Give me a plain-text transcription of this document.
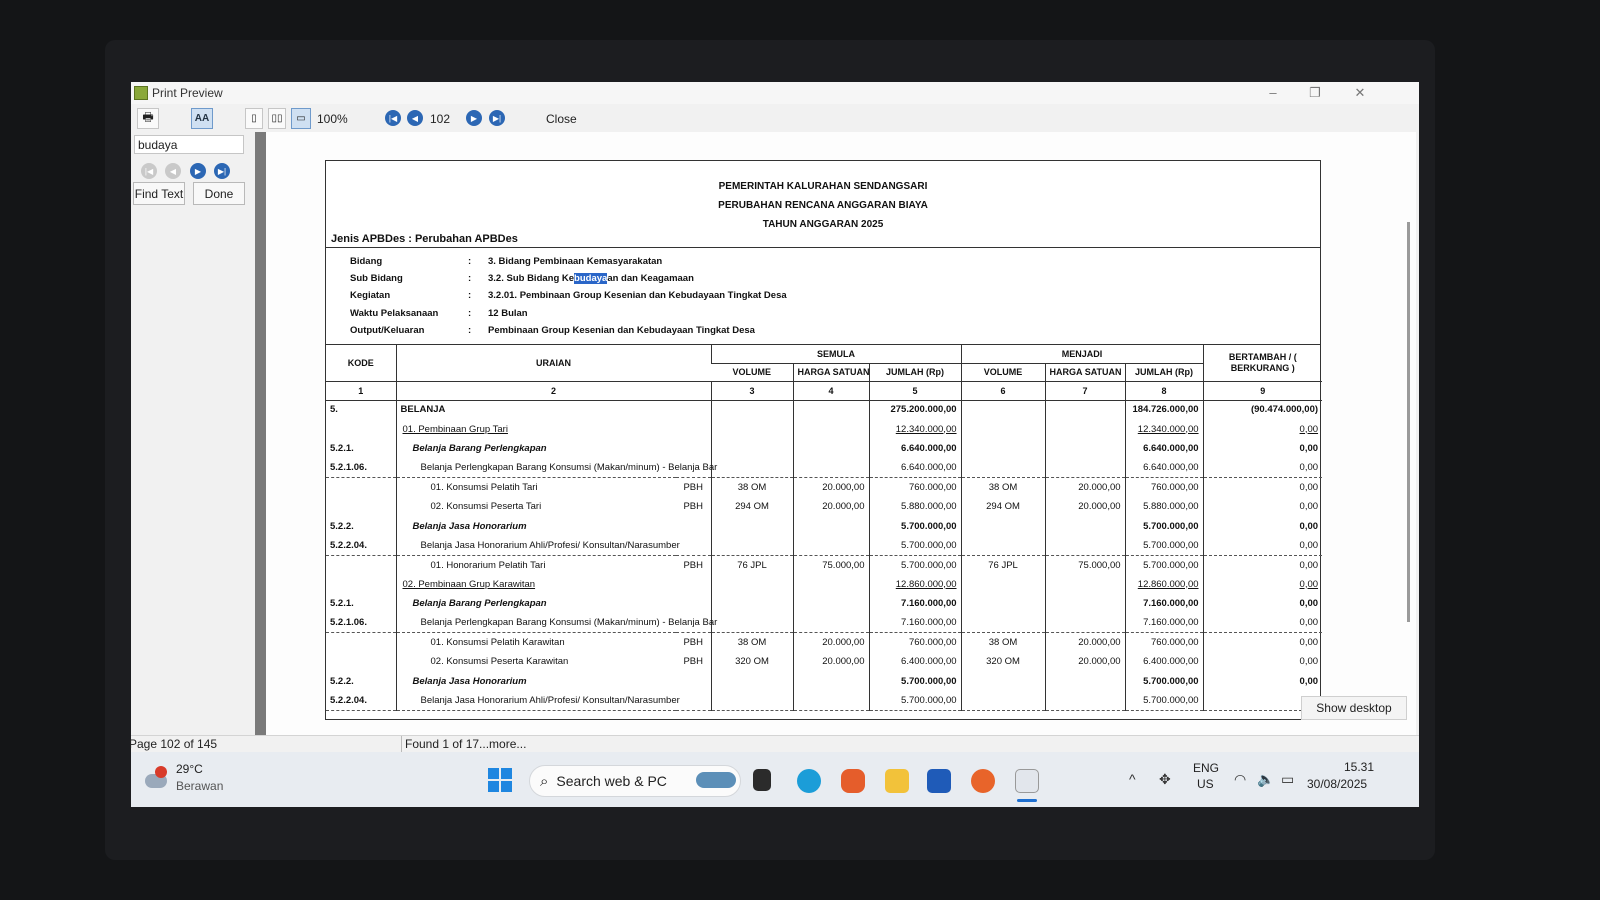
Print Preview	–	❐	✕
🖶	AA	▯ ▯▯ ▭ 100%	|◀ ◀ 102	▶ ▶|	Close
budaya
|◀ ◀ ▶ ▶|
Find Text	Done	PEMERINTAH KALURAHAN SENDANGSARI
PERUBAHAN RENCANA ANGGARAN BIAYA
TAHUN ANGGARAN 2025
Jenis APBDes : Perubahan APBDes
Bidang	: 3. Bidang Pembinaan Kemasyarakatan
Sub Bidang	: 3.2. Sub Bidang Kebudayaan dan Keagamaan
Kegiatan	: 3.2.01. Pembinaan Group Kesenian dan Kebudayaan Tingkat Desa
Waktu Pelaksanaan	: 12 Bulan
Output/Keluaran	: Pembinaan Group Kesenian dan Kebudayaan Tingkat Desa
KODE	URAIAN		SEMULA			MENJADI			BERTAMBAH / ( BERKURANG )
			VOLUME	HARGA SATUAN	JUMLAH (Rp)	VOLUME	HARGA SATUAN	JUMLAH (Rp)	
1	2		3	4	5	6	7	8	9
5.	BELANJA				275.200.000,00			184.726.000,00	(90.474.000,00)
	01. Pembinaan Grup Tari				12.340.000,00			12.340.000,00	0,00
5.2.1.	Belanja Barang Perlengkapan				6.640.000,00			6.640.000,00	0,00
5.2.1.06.	Belanja Perlengkapan Barang Konsumsi (Makan/minum) - Belanja Bar				6.640.000,00			6.640.000,00	0,00
	01. Konsumsi Pelatih Tari	PBH	38 OM	20.000,00	760.000,00	38 OM	20.000,00	760.000,00	0,00
	02. Konsumsi Peserta Tari	PBH	294 OM	20.000,00	5.880.000,00	294 OM	20.000,00	5.880.000,00	0,00
5.2.2.	Belanja Jasa Honorarium				5.700.000,00			5.700.000,00	0,00
5.2.2.04.	Belanja Jasa Honorarium Ahli/Profesi/ Konsultan/Narasumber				5.700.000,00			5.700.000,00	0,00
	01. Honorarium Pelatih Tari	PBH	76 JPL	75.000,00	5.700.000,00	76 JPL	75.000,00	5.700.000,00	0,00
	02. Pembinaan Grup Karawitan				12.860.000,00			12.860.000,00	0,00
5.2.1.	Belanja Barang Perlengkapan				7.160.000,00			7.160.000,00	0,00
5.2.1.06.	Belanja Perlengkapan Barang Konsumsi (Makan/minum) - Belanja Bar				7.160.000,00			7.160.000,00	0,00
	01. Konsumsi Pelatih Karawitan	PBH	38 OM	20.000,00	760.000,00	38 OM	20.000,00	760.000,00	0,00
	02. Konsumsi Peserta Karawitan	PBH	320 OM	20.000,00	6.400.000,00	320 OM	20.000,00	6.400.000,00	0,00
5.2.2.	Belanja Jasa Honorarium				5.700.000,00			5.700.000,00	0,00
5.2.2.04.	Belanja Jasa Honorarium Ahli/Profesi/ Konsultan/Narasumber				5.700.000,00			5.700.000,00	
Page 102 of 145	Found 1 of 17...more...
Show desktop
29°C
Berawan	⌕ Search web & PC	^ ✥
ENG
US ◠ 🔈 ▭
15.31
30/08/2025
